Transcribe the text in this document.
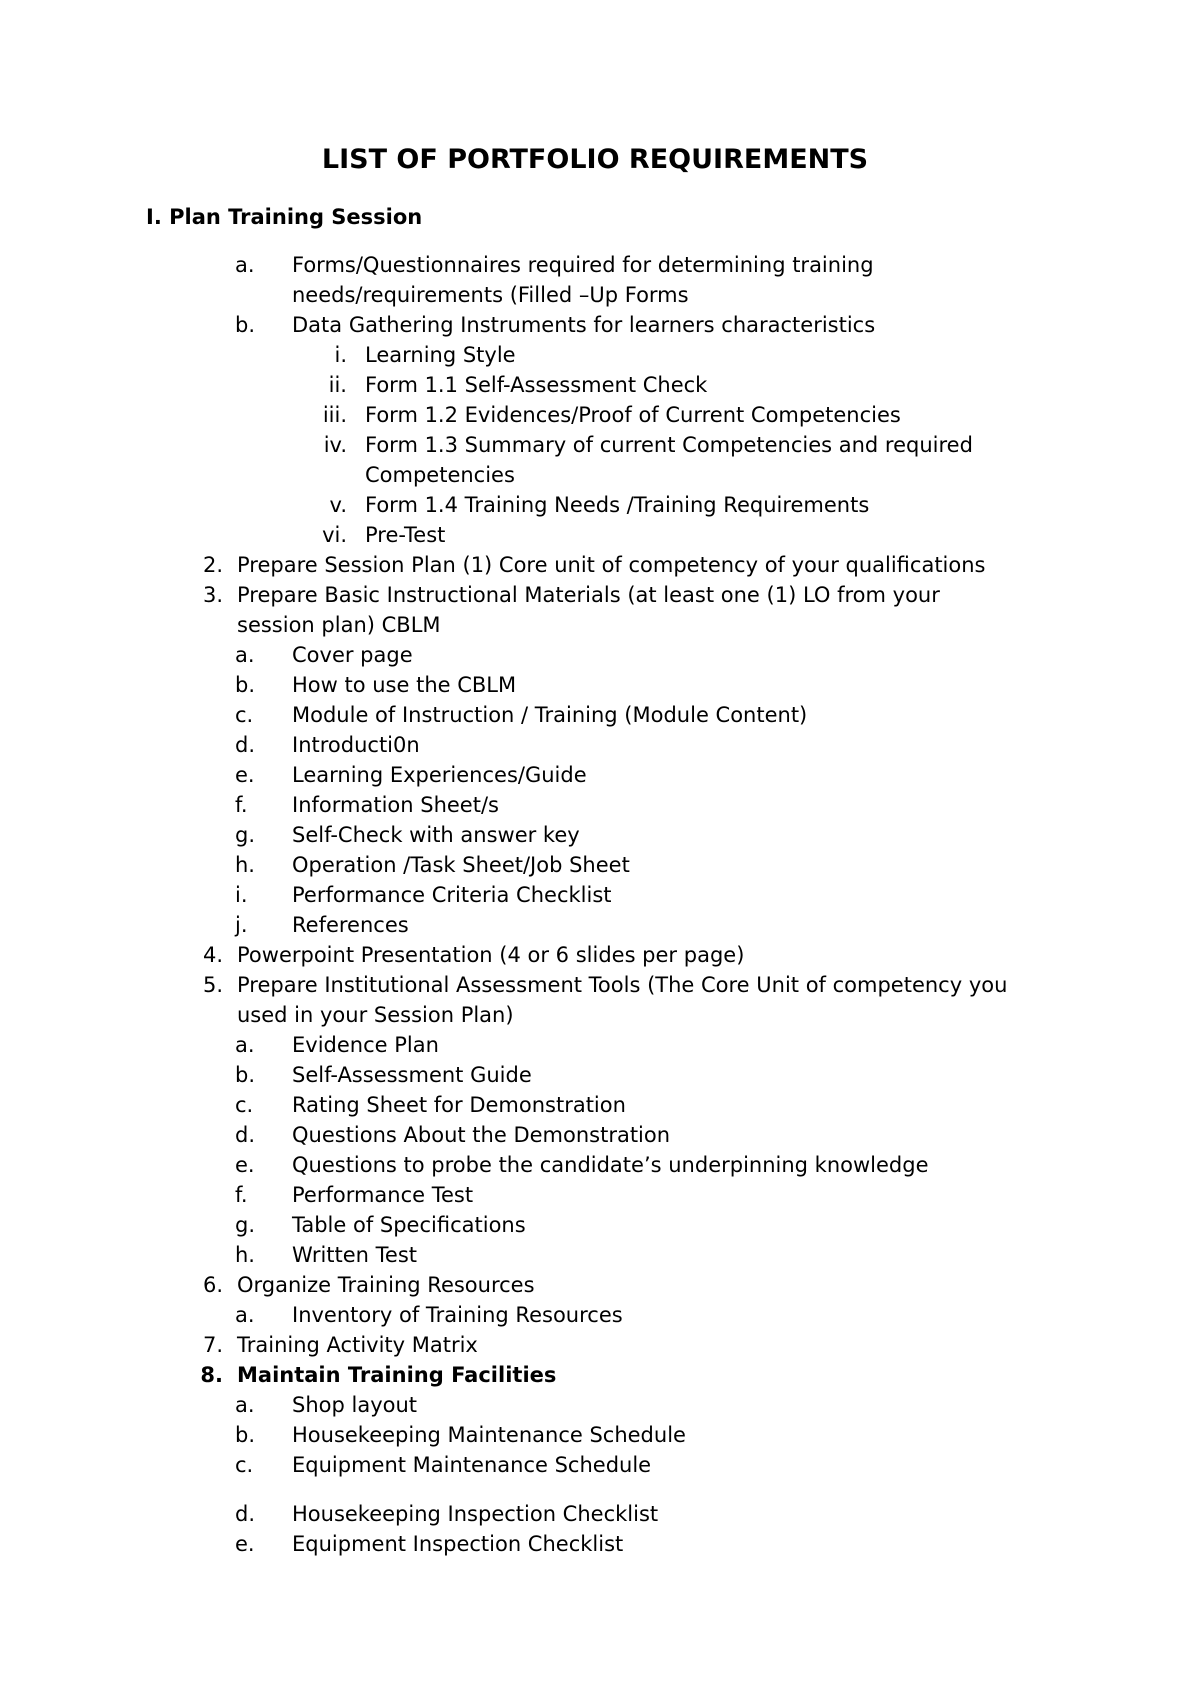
LIST OF PORTFOLIO REQUIREMENTS
I. Plan Training Session
a.	Forms/Questionnaires required for determining training
needs/requirements (Filled –Up Forms
b.	Data Gathering Instruments for learners characteristics
i. Learning Style
ii. Form 1.1 Self-Assessment Check
iii. Form 1.2 Evidences/Proof of Current Competencies
iv. Form 1.3 Summary of current Competencies and required
Competencies
v. Form 1.4 Training Needs /Training Requirements
vi. Pre-Test
2. Prepare Session Plan (1) Core unit of competency of your qualifications
3. Prepare Basic Instructional Materials (at least one (1) LO from your
session plan) CBLM
a.	Cover page
b.	How to use the CBLM
c.	Module of Instruction / Training (Module Content)
d.	Introducti0n
e.	Learning Experiences/Guide
f.	Information Sheet/s
g.	Self-Check with answer key
h.	Operation /Task Sheet/Job Sheet
i.	Performance Criteria Checklist
j.	References
4. Powerpoint Presentation (4 or 6 slides per page)
5. Prepare Institutional Assessment Tools (The Core Unit of competency you
used in your Session Plan)
a.	Evidence Plan
b.	Self-Assessment Guide
c.	Rating Sheet for Demonstration
d.	Questions About the Demonstration
e.	Questions to probe the candidate’s underpinning knowledge
f.	Performance Test
g.	Table of Specifications
h.	Written Test
6. Organize Training Resources
a.	Inventory of Training Resources
7. Training Activity Matrix
8. Maintain Training Facilities
a.	Shop layout
b.	Housekeeping Maintenance Schedule
c.	Equipment Maintenance Schedule
d.	Housekeeping Inspection Checklist
e.	Equipment Inspection Checklist
